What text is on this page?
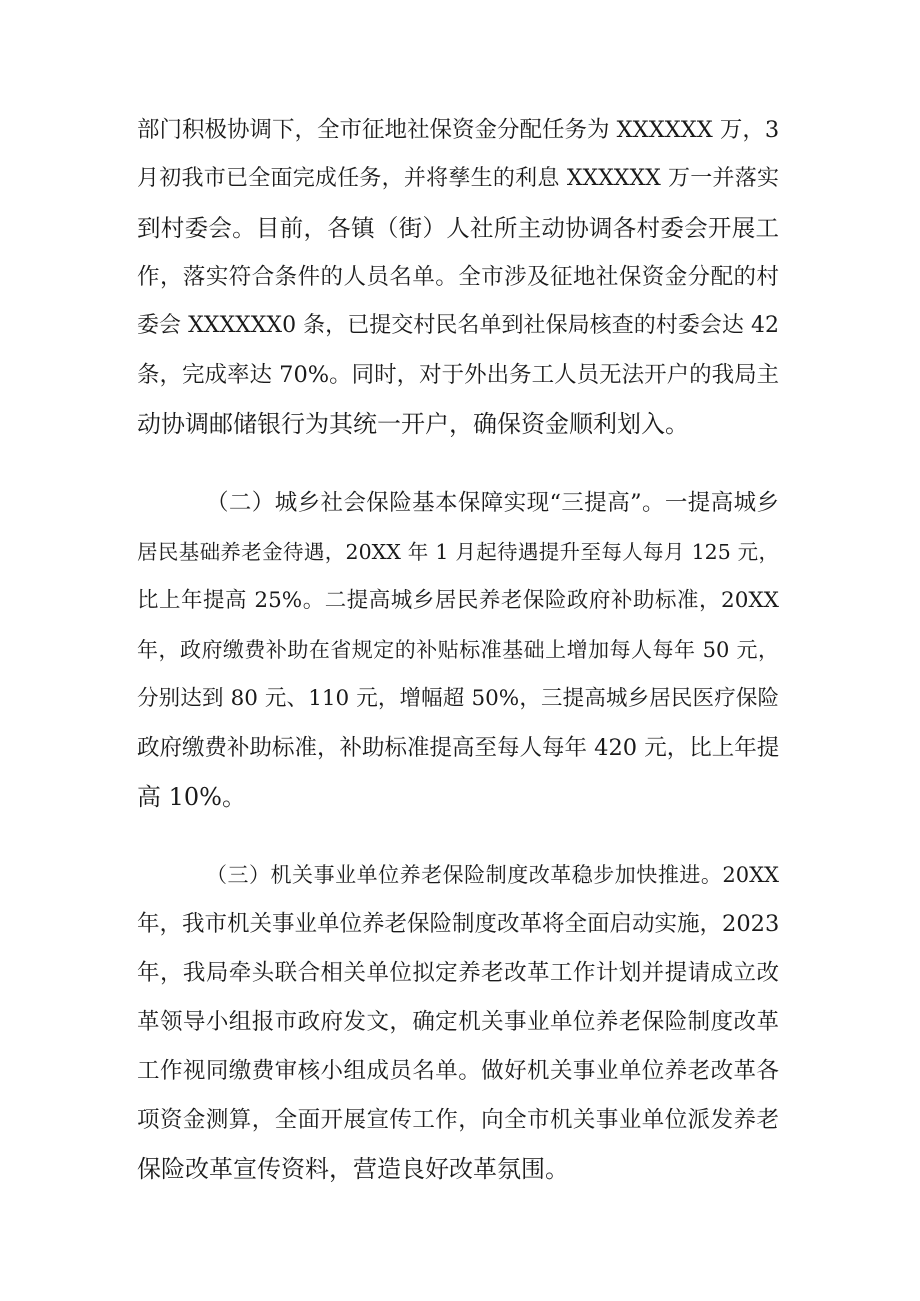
部门积极协调下，全市征地社保资金分配任务为 XXXXXX 万，3
月初我市已全面完成任务，并将孳生的利息 XXXXXX 万一并落实
到村委会。目前，各镇（街）人社所主动协调各村委会开展工
作，落实符合条件的人员名单。全市涉及征地社保资金分配的村
委会 XXXXXX0 条，已提交村民名单到社保局核查的村委会达 42
条，完成率达 70%。同时，对于外出务工人员无法开户的我局主
动协调邮储银行为其统一开户，确保资金顺利划入。
（二）城乡社会保险基本保障实现“三提高”。一提高城乡
居民基础养老金待遇，20XX 年 1 月起待遇提升至每人每月 125 元，
比上年提高 25%。二提高城乡居民养老保险政府补助标准，20XX
年，政府缴费补助在省规定的补贴标准基础上增加每人每年 50 元，
分别达到 80 元、110 元，增幅超 50%，三提高城乡居民医疗保险
政府缴费补助标准，补助标准提高至每人每年 420 元，比上年提
高 10%。
（三）机关事业单位养老保险制度改革稳步加快推进。20XX
年，我市机关事业单位养老保险制度改革将全面启动实施，2023
年，我局牵头联合相关单位拟定养老改革工作计划并提请成立改
革领导小组报市政府发文，确定机关事业单位养老保险制度改革
工作视同缴费审核小组成员名单。做好机关事业单位养老改革各
项资金测算，全面开展宣传工作，向全市机关事业单位派发养老
保险改革宣传资料，营造良好改革氛围。
